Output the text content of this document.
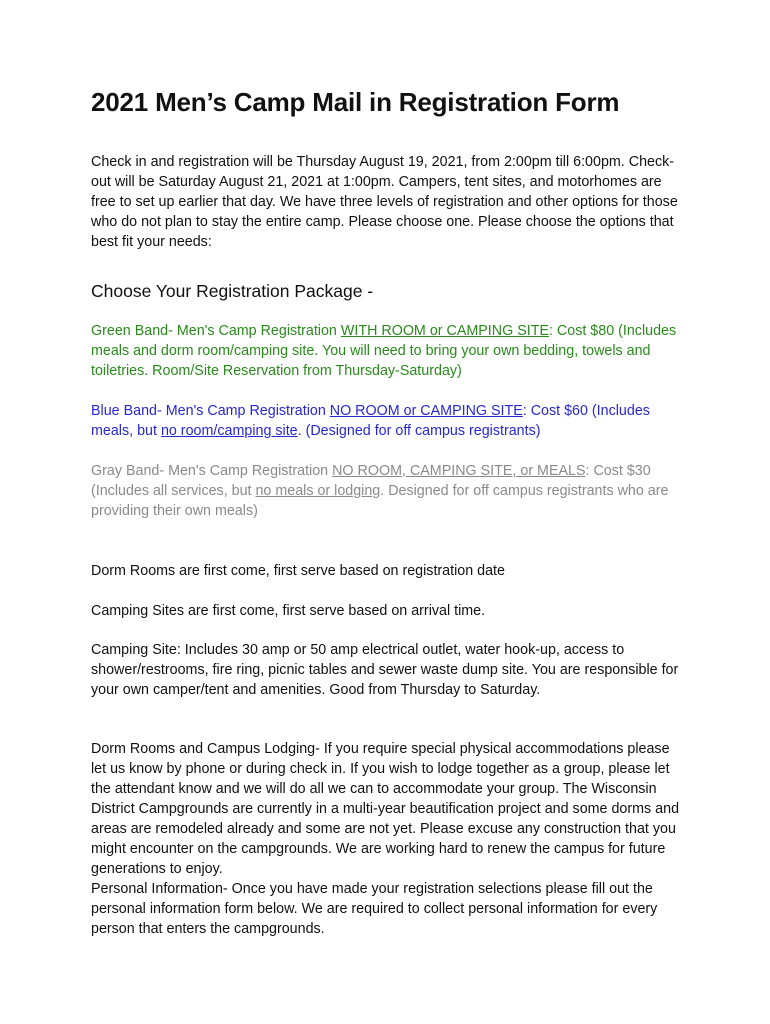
2021 Men’s Camp Mail in Registration Form

Check in and registration will be Thursday August 19, 2021, from 2:00pm till 6:00pm. Check-out will be Saturday August 21, 2021 at 1:00pm. Campers, tent sites, and motorhomes are free to set up earlier that day. We have three levels of registration and other options for those who do not plan to stay the entire camp. Please choose one. Please choose the options that best fit your needs:

Choose Your Registration Package -

Green Band- Men's Camp Registration WITH ROOM or CAMPING SITE: Cost $80 (Includes meals and dorm room/camping site. You will need to bring your own bedding, towels and toiletries. Room/Site Reservation from Thursday-Saturday)

Blue Band- Men's Camp Registration NO ROOM or CAMPING SITE: Cost $60 (Includes meals, but no room/camping site. (Designed for off campus registrants)

Gray Band- Men's Camp Registration NO ROOM, CAMPING SITE, or MEALS: Cost $30 (Includes all services, but no meals or lodging. Designed for off campus registrants who are providing their own meals)

Dorm Rooms are first come, first serve based on registration date

Camping Sites are first come, first serve based on arrival time.

Camping Site: Includes 30 amp or 50 amp electrical outlet, water hook-up, access to shower/restrooms, fire ring, picnic tables and sewer waste dump site. You are responsible for your own camper/tent and amenities. Good from Thursday to Saturday.

Dorm Rooms and Campus Lodging- If you require special physical accommodations please let us know by phone or during check in. If you wish to lodge together as a group, please let the attendant know and we will do all we can to accommodate your group. The Wisconsin District Campgrounds are currently in a multi-year beautification project and some dorms and areas are remodeled already and some are not yet. Please excuse any construction that you might encounter on the campgrounds. We are working hard to renew the campus for future generations to enjoy.

Personal Information- Once you have made your registration selections please fill out the personal information form below. We are required to collect personal information for every person that enters the campgrounds.
